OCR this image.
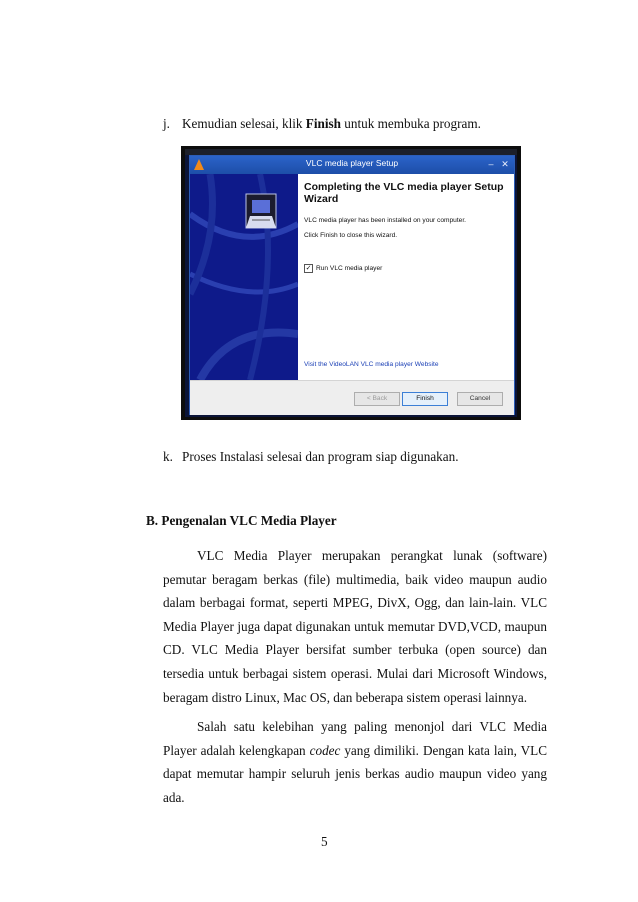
j. Kemudian selesai, klik Finish untuk membuka program.
VLC media player Setup	– ✕
Completing the VLC media player Setup Wizard
VLC media player has been installed on your computer.
Click Finish to close this wizard.
✓ Run VLC media player
Visit the VideoLAN VLC media player Website
< Back	Finish	Cancel
k. Proses Instalasi selesai dan program siap digunakan.
B. Pengenalan VLC Media Player

VLC Media Player merupakan perangkat lunak (software) pemutar beragam berkas (file) multimedia, baik video maupun audio dalam berbagai format, seperti MPEG, DivX, Ogg, dan lain-lain. VLC Media Player juga dapat digunakan untuk memutar DVD,VCD, maupun CD. VLC Media Player bersifat sumber terbuka (open source) dan tersedia untuk berbagai sistem operasi. Mulai dari Microsoft Windows, beragam distro Linux, Mac OS, dan beberapa sistem operasi lainnya.

Salah satu kelebihan yang paling menonjol dari VLC Media Player adalah kelengkapan codec yang dimiliki. Dengan kata lain, VLC dapat memutar hampir seluruh jenis berkas audio maupun video yang ada.

5
